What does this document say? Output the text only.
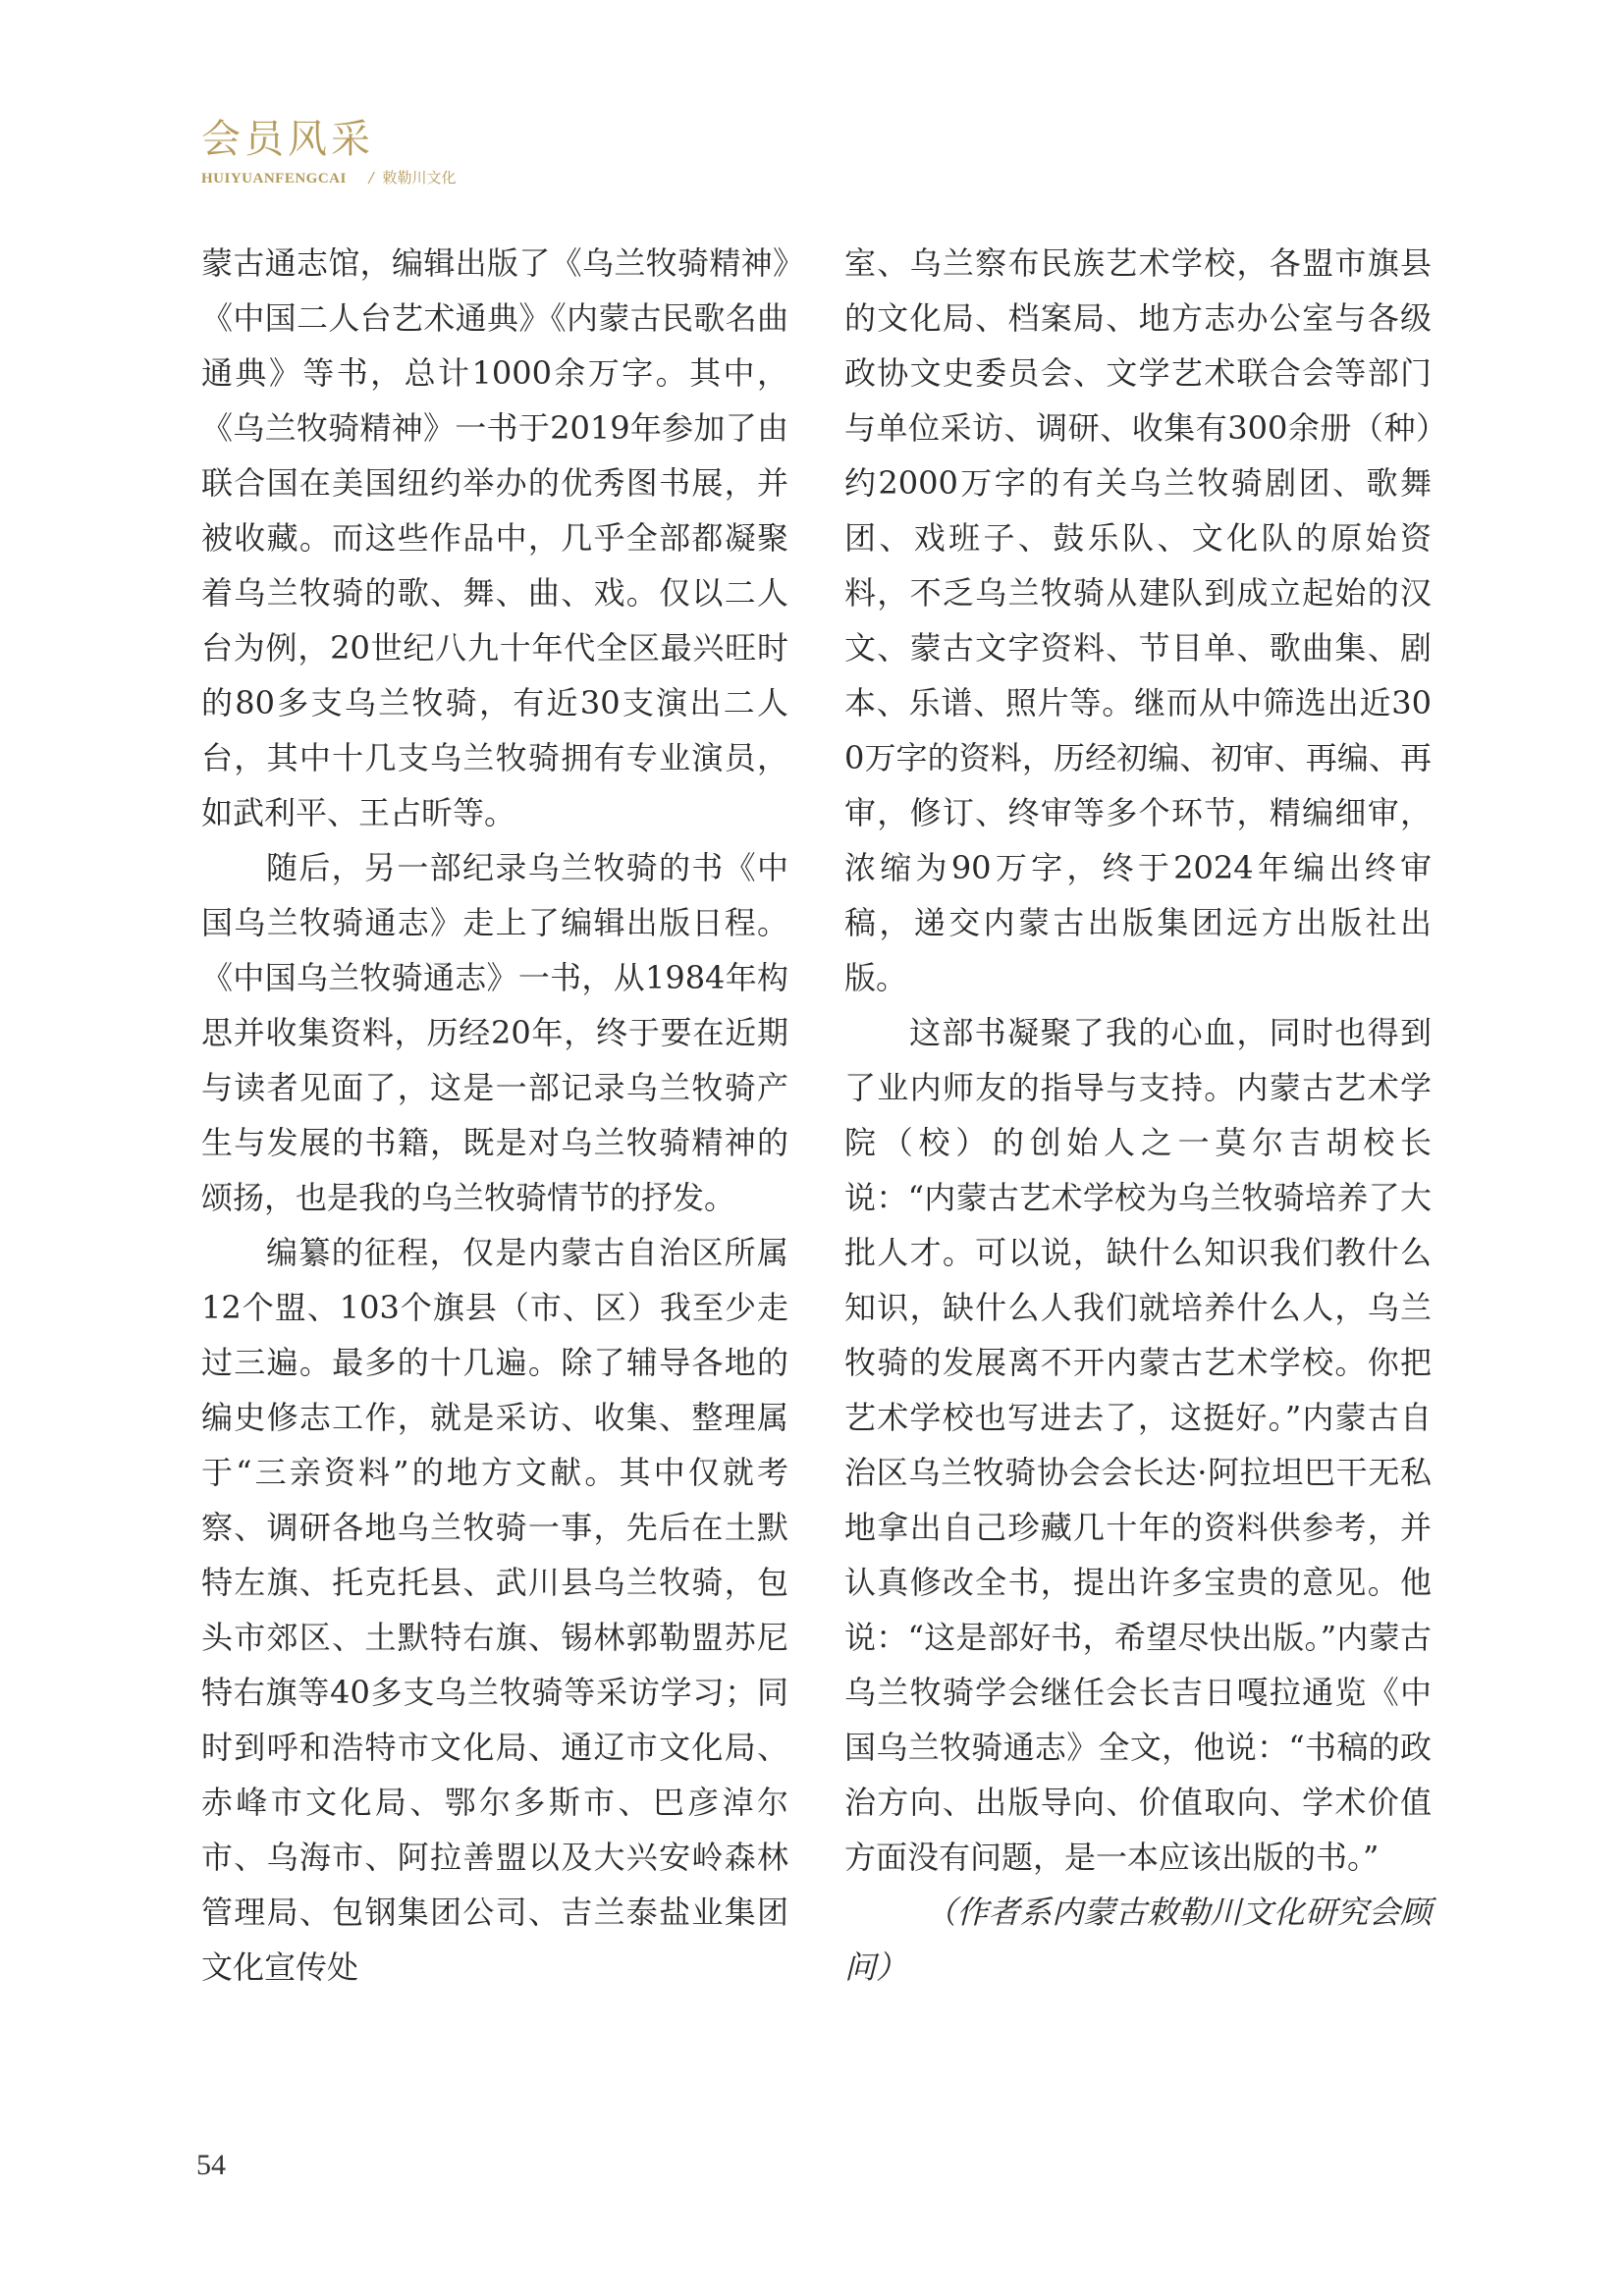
会员风采
HUIYUANFENGCAI / 敕勒川文化

蒙古通志馆，编辑出版了《乌兰牧骑精神》《中国二人台艺术通典》《内蒙古民歌名曲通典》等书，总计1000余万字。其中，《乌兰牧骑精神》一书于2019年参加了由联合国在美国纽约举办的优秀图书展，并被收藏。而这些作品中，几乎全部都凝聚着乌兰牧骑的歌、舞、曲、戏。仅以二人台为例，20世纪八九十年代全区最兴旺时的80多支乌兰牧骑，有近30支演出二人台，其中十几支乌兰牧骑拥有专业演员，如武利平、王占昕等。

随后，另一部纪录乌兰牧骑的书《中国乌兰牧骑通志》走上了编辑出版日程。《中国乌兰牧骑通志》一书，从1984年构思并收集资料，历经20年，终于要在近期与读者见面了，这是一部记录乌兰牧骑产生与发展的书籍，既是对乌兰牧骑精神的颂扬，也是我的乌兰牧骑情节的抒发。

编纂的征程，仅是内蒙古自治区所属12个盟、103个旗县（市、区）我至少走过三遍。最多的十几遍。除了辅导各地的编史修志工作，就是采访、收集、整理属于“三亲资料”的地方文献。其中仅就考察、调研各地乌兰牧骑一事，先后在土默特左旗、托克托县、武川县乌兰牧骑，包头市郊区、土默特右旗、锡林郭勒盟苏尼特右旗等40多支乌兰牧骑等采访学习；同时到呼和浩特市文化局、通辽市文化局、赤峰市文化局、鄂尔多斯市、巴彦淖尔市、乌海市、阿拉善盟以及大兴安岭森林管理局、包钢集团公司、吉兰泰盐业集团文化宣传处

室、乌兰察布民族艺术学校，各盟市旗县的文化局、档案局、地方志办公室与各级政协文史委员会、文学艺术联合会等部门与单位采访、调研、收集有300余册（种）约2000万字的有关乌兰牧骑剧团、歌舞团、戏班子、鼓乐队、文化队的原始资料，不乏乌兰牧骑从建队到成立起始的汉文、蒙古文字资料、节目单、歌曲集、剧本、乐谱、照片等。继而从中筛选出近300万字的资料，历经初编、初审、再编、再审，修订、终审等多个环节，精编细审，浓缩为90万字，终于2024年编出终审稿，递交内蒙古出版集团远方出版社出版。

这部书凝聚了我的心血，同时也得到了业内师友的指导与支持。内蒙古艺术学院（校）的创始人之一莫尔吉胡校长说：“内蒙古艺术学校为乌兰牧骑培养了大批人才。可以说，缺什么知识我们教什么知识，缺什么人我们就培养什么人，乌兰牧骑的发展离不开内蒙古艺术学校。你把艺术学校也写进去了，这挺好。”内蒙古自治区乌兰牧骑协会会长达·阿拉坦巴干无私地拿出自己珍藏几十年的资料供参考，并认真修改全书，提出许多宝贵的意见。他说：“这是部好书，希望尽快出版。”内蒙古乌兰牧骑学会继任会长吉日嘎拉通览《中国乌兰牧骑通志》全文，他说：“书稿的政治方向、出版导向、价值取向、学术价值方面没有问题，是一本应该出版的书。”

（作者系内蒙古敕勒川文化研究会顾问）

54
